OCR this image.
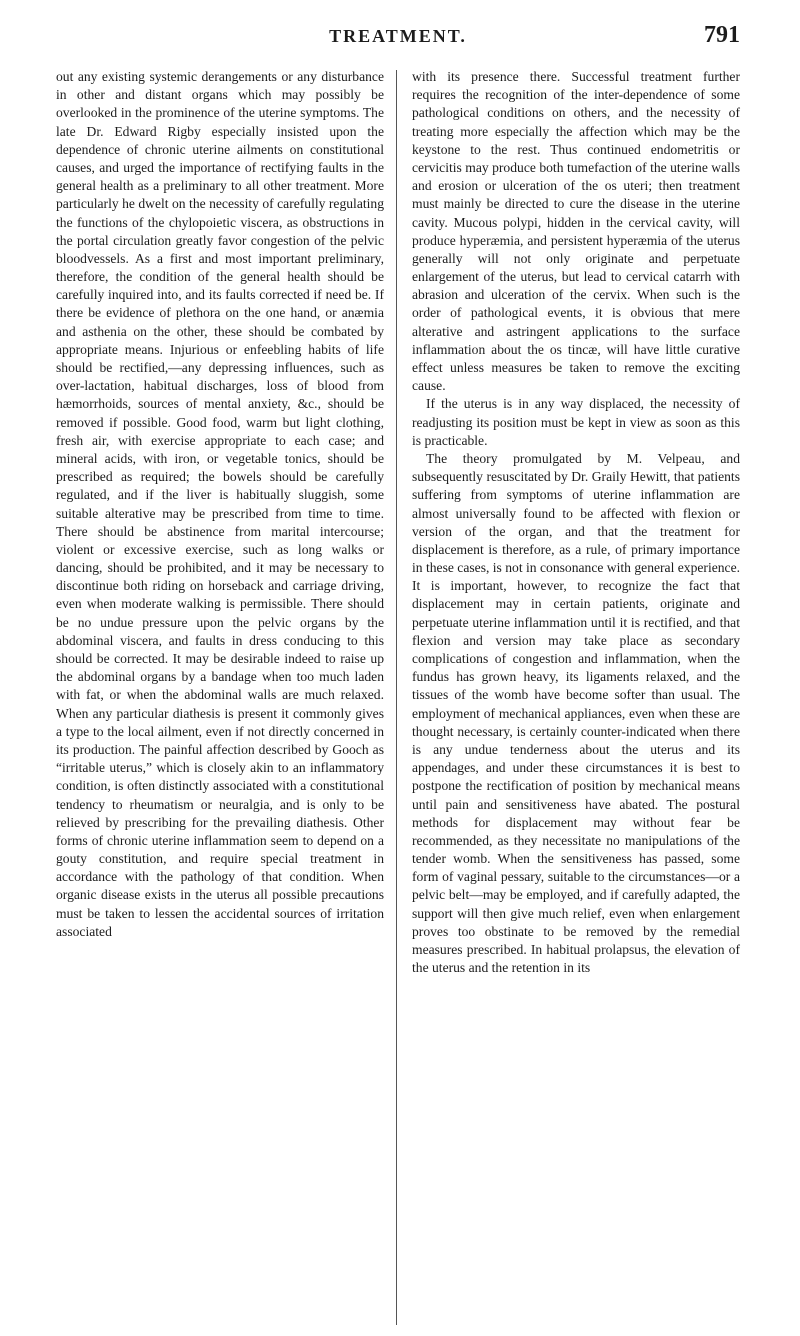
TREATMENT.	791

out any existing systemic derangements or any disturbance in other and distant organs which may possibly be overlooked in the prominence of the uterine symptoms. The late Dr. Edward Rigby especially insisted upon the dependence of chronic uterine ailments on constitutional causes, and urged the importance of rectifying faults in the general health as a preliminary to all other treatment. More particularly he dwelt on the necessity of carefully regulating the functions of the chylopoietic viscera, as obstructions in the portal circulation greatly favor congestion of the pelvic bloodvessels. As a first and most important preliminary, therefore, the condition of the general health should be carefully inquired into, and its faults corrected if need be. If there be evidence of plethora on the one hand, or anæmia and asthenia on the other, these should be combated by appropriate means. Injurious or enfeebling habits of life should be rectified,—any depressing influences, such as over-lactation, habitual discharges, loss of blood from hæmorrhoids, sources of mental anxiety, &c., should be removed if possible. Good food, warm but light clothing, fresh air, with exercise appropriate to each case; and mineral acids, with iron, or vegetable tonics, should be prescribed as required; the bowels should be carefully regulated, and if the liver is habitually sluggish, some suitable alterative may be prescribed from time to time. There should be abstinence from marital intercourse; violent or excessive exercise, such as long walks or dancing, should be prohibited, and it may be necessary to discontinue both riding on horseback and carriage driving, even when moderate walking is permissible. There should be no undue pressure upon the pelvic organs by the abdominal viscera, and faults in dress conducing to this should be corrected. It may be desirable indeed to raise up the abdominal organs by a bandage when too much laden with fat, or when the abdominal walls are much relaxed. When any particular diathesis is present it commonly gives a type to the local ailment, even if not directly concerned in its production. The painful affection described by Gooch as “irritable uterus,” which is closely akin to an inflammatory condition, is often distinctly associated with a constitutional tendency to rheumatism or neuralgia, and is only to be relieved by prescribing for the prevailing diathesis. Other forms of chronic uterine inflammation seem to depend on a gouty constitution, and require special treatment in accordance with the pathology of that condition. When organic disease exists in the uterus all possible precautions must be taken to lessen the accidental sources of irritation associated

with its presence there. Successful treatment further requires the recognition of the inter-dependence of some pathological conditions on others, and the necessity of treating more especially the affection which may be the keystone to the rest. Thus continued endometritis or cervicitis may produce both tumefaction of the uterine walls and erosion or ulceration of the os uteri; then treatment must mainly be directed to cure the disease in the uterine cavity. Mucous polypi, hidden in the cervical cavity, will produce hyperæmia, and persistent hyperæmia of the uterus generally will not only originate and perpetuate enlargement of the uterus, but lead to cervical catarrh with abrasion and ulceration of the cervix. When such is the order of pathological events, it is obvious that mere alterative and astringent applications to the surface inflammation about the os tincæ, will have little curative effect unless measures be taken to remove the exciting cause.

If the uterus is in any way displaced, the necessity of readjusting its position must be kept in view as soon as this is practicable.

The theory promulgated by M. Velpeau, and subsequently resuscitated by Dr. Graily Hewitt, that patients suffering from symptoms of uterine inflammation are almost universally found to be affected with flexion or version of the organ, and that the treatment for displacement is therefore, as a rule, of primary importance in these cases, is not in consonance with general experience. It is important, however, to recognize the fact that displacement may in certain patients, originate and perpetuate uterine inflammation until it is rectified, and that flexion and version may take place as secondary complications of congestion and inflammation, when the fundus has grown heavy, its ligaments relaxed, and the tissues of the womb have become softer than usual. The employment of mechanical appliances, even when these are thought necessary, is certainly counter-indicated when there is any undue tenderness about the uterus and its appendages, and under these circumstances it is best to postpone the rectification of position by mechanical means until pain and sensitiveness have abated. The postural methods for displacement may without fear be recommended, as they necessitate no manipulations of the tender womb. When the sensitiveness has passed, some form of vaginal pessary, suitable to the circumstances—or a pelvic belt—may be employed, and if carefully adapted, the support will then give much relief, even when enlargement proves too obstinate to be removed by the remedial measures prescribed. In habitual prolapsus, the elevation of the uterus and the retention in its
